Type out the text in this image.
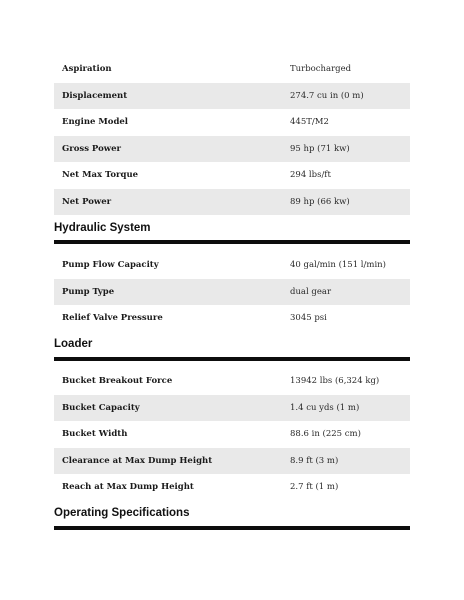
Aspiration	Turbocharged
Displacement	274.7 cu in (0 m)
Engine Model	445T/M2
Gross Power	95 hp (71 kw)
Net Max Torque	294 lbs/ft
Net Power	89 hp (66 kw)
Hydraulic System
Pump Flow Capacity	40 gal/min (151 l/min)
Pump Type	dual gear
Relief Valve Pressure	3045 psi
Loader
Bucket Breakout Force	13942 lbs (6,324 kg)
Bucket Capacity	1.4 cu yds (1 m)
Bucket Width	88.6 in (225 cm)
Clearance at Max Dump Height	8.9 ft (3 m)
Reach at Max Dump Height	2.7 ft (1 m)
Operating Specifications
